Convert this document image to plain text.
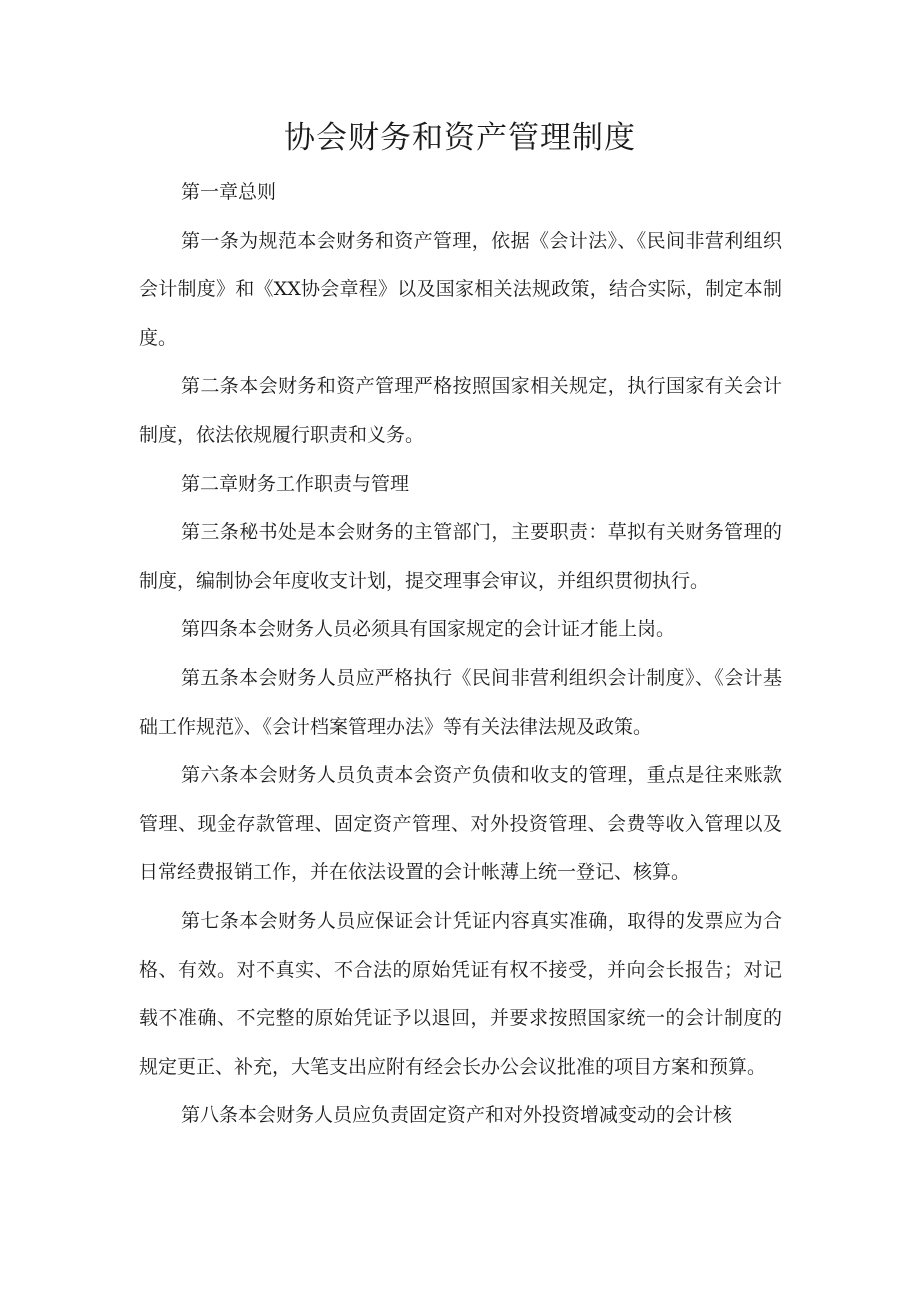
协会财务和资产管理制度

第一章总则

第一条为规范本会财务和资产管理，依据《会计法》、《民间非营利组织会计制度》和《XX协会章程》以及国家相关法规政策，结合实际，制定本制度。

第二条本会财务和资产管理严格按照国家相关规定，执行国家有关会计制度，依法依规履行职责和义务。

第二章财务工作职责与管理

第三条秘书处是本会财务的主管部门，主要职责：草拟有关财务管理的制度，编制协会年度收支计划，提交理事会审议，并组织贯彻执行。

第四条本会财务人员必须具有国家规定的会计证才能上岗。

第五条本会财务人员应严格执行《民间非营利组织会计制度》、《会计基础工作规范》、《会计档案管理办法》等有关法律法规及政策。

第六条本会财务人员负责本会资产负债和收支的管理，重点是往来账款管理、现金存款管理、固定资产管理、对外投资管理、会费等收入管理以及日常经费报销工作，并在依法设置的会计帐薄上统一登记、核算。

第七条本会财务人员应保证会计凭证内容真实准确，取得的发票应为合格、有效。对不真实、不合法的原始凭证有权不接受，并向会长报告；对记载不准确、不完整的原始凭证予以退回，并要求按照国家统一的会计制度的规定更正、补充，大笔支出应附有经会长办公会议批准的项目方案和预算。

第八条本会财务人员应负责固定资产和对外投资增减变动的会计核
